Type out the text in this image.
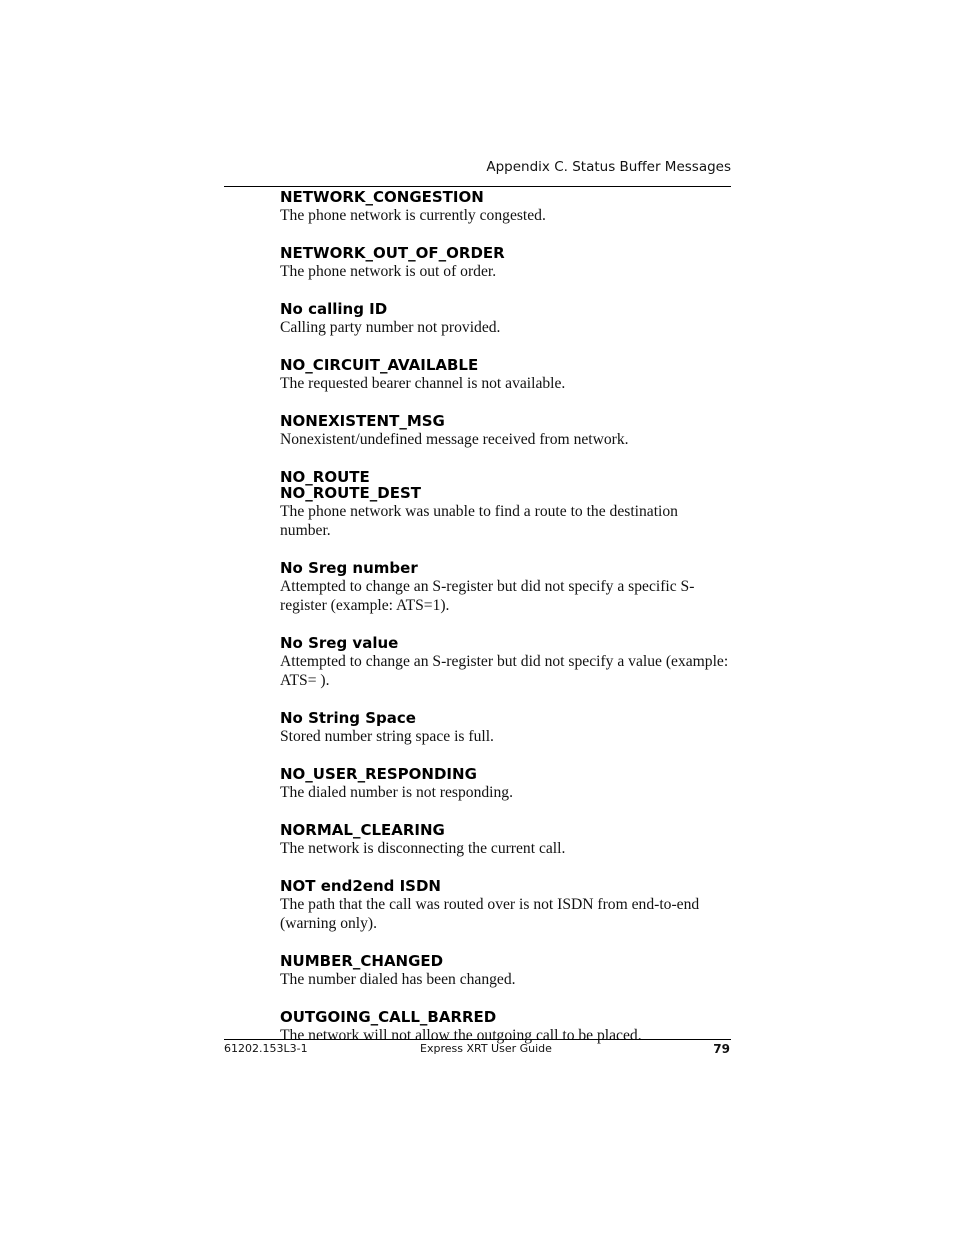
Appendix C. Status Buffer Messages
NETWORK_CONGESTION
The phone network is currently congested.
NETWORK_OUT_OF_ORDER
The phone network is out of order.
No calling ID
Calling party number not provided.
NO_CIRCUIT_AVAILABLE
The requested bearer channel is not available.
NONEXISTENT_MSG
Nonexistent/undefined message received from network.
NO_ROUTE
NO_ROUTE_DEST
The phone network was unable to find a route to the destination number.
No Sreg number
Attempted to change an S-register but did not specify a specific S-register (example: ATS=1).
No Sreg value
Attempted to change an S-register but did not specify a value (example: ATS= ).
No String Space
Stored number string space is full.
NO_USER_RESPONDING
The dialed number is not responding.
NORMAL_CLEARING
The network is disconnecting the current call.
NOT end2end ISDN
The path that the call was routed over is not ISDN from end-to-end (warning only).
NUMBER_CHANGED
The number dialed has been changed.
OUTGOING_CALL_BARRED
The network will not allow the outgoing call to be placed.
61202.153L3-1	Express XRT User Guide	79
